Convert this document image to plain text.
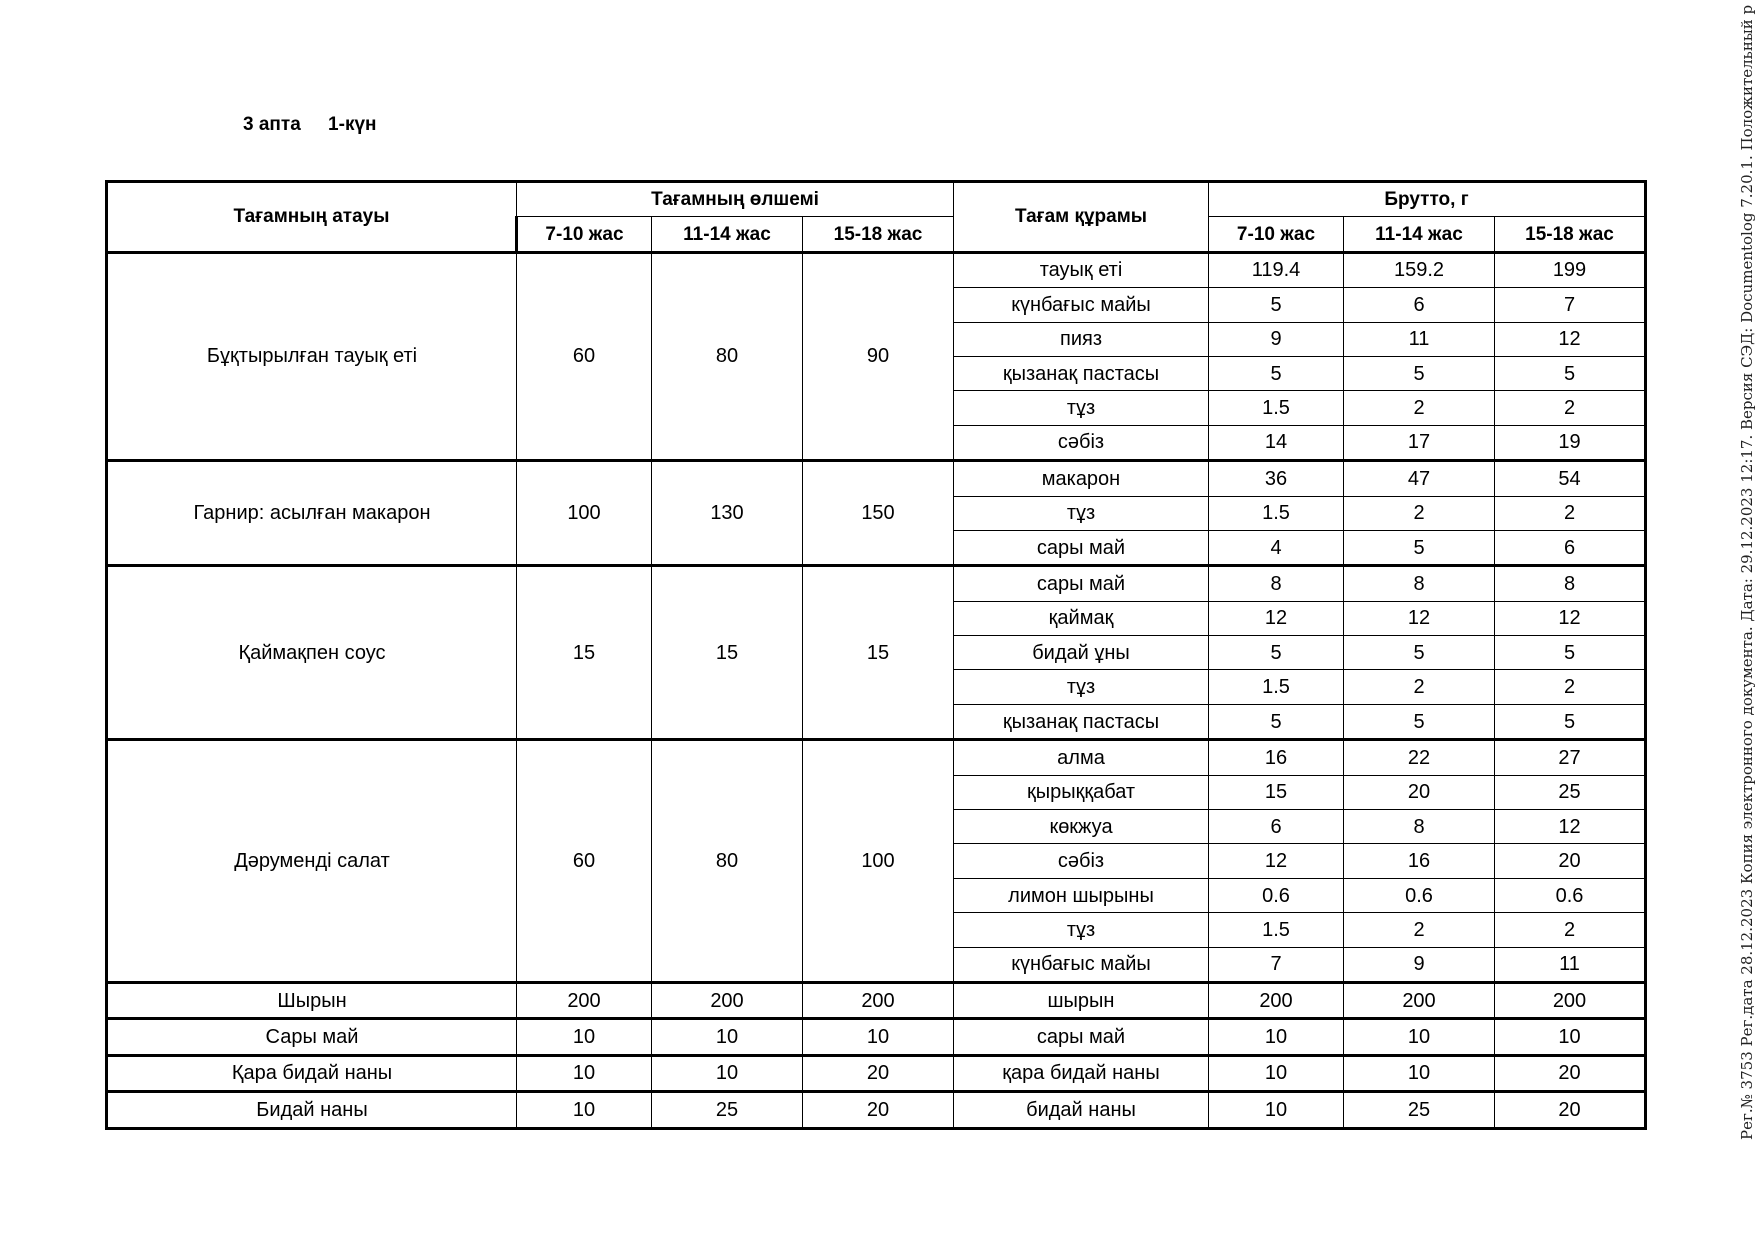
3 апта 1-күн
Тағамның атауы	Тағамның өлшемі			Тағам құрамы	Брутто, г		
	7-10 жас	11-14 жас	15-18 жас		7-10 жас	11-14 жас	15-18 жас
Бұқтырылған тауық еті	60	80	90	тауық еті	119.4	159.2	199
				күнбағыс майы	5	6	7
				пияз	9	11	12
				қызанақ пастасы	5	5	5
				тұз	1.5	2	2
				сәбіз	14	17	19
Гарнир: асылған макарон	100	130	150	макарон	36	47	54
				тұз	1.5	2	2
				сары май	4	5	6
Қаймақпен соус	15	15	15	сары май	8	8	8
				қаймақ	12	12	12
				бидай ұны	5	5	5
				тұз	1.5	2	2
				қызанақ пастасы	5	5	5
Дәруменді салат	60	80	100	алма	16	22	27
				қырыққабат	15	20	25
				көкжуа	6	8	12
				сәбіз	12	16	20
				лимон шырыны	0.6	0.6	0.6
				тұз	1.5	2	2
				күнбағыс майы	7	9	11
Шырын	200	200	200	шырын	200	200	200
Сары май	10	10	10	сары май	10	10	10
Қара бидай наны	10	10	20	қара бидай наны	10	10	20
Бидай наны	10	25	20	бидай наны	10	25	20	Рег.№ 3753 Рег.дата 28.12.2023 Копия электронного документа. Дата: 29.12.2023 12:17. Версия СЭД: Documentolog 7.20.1. Положительный р
